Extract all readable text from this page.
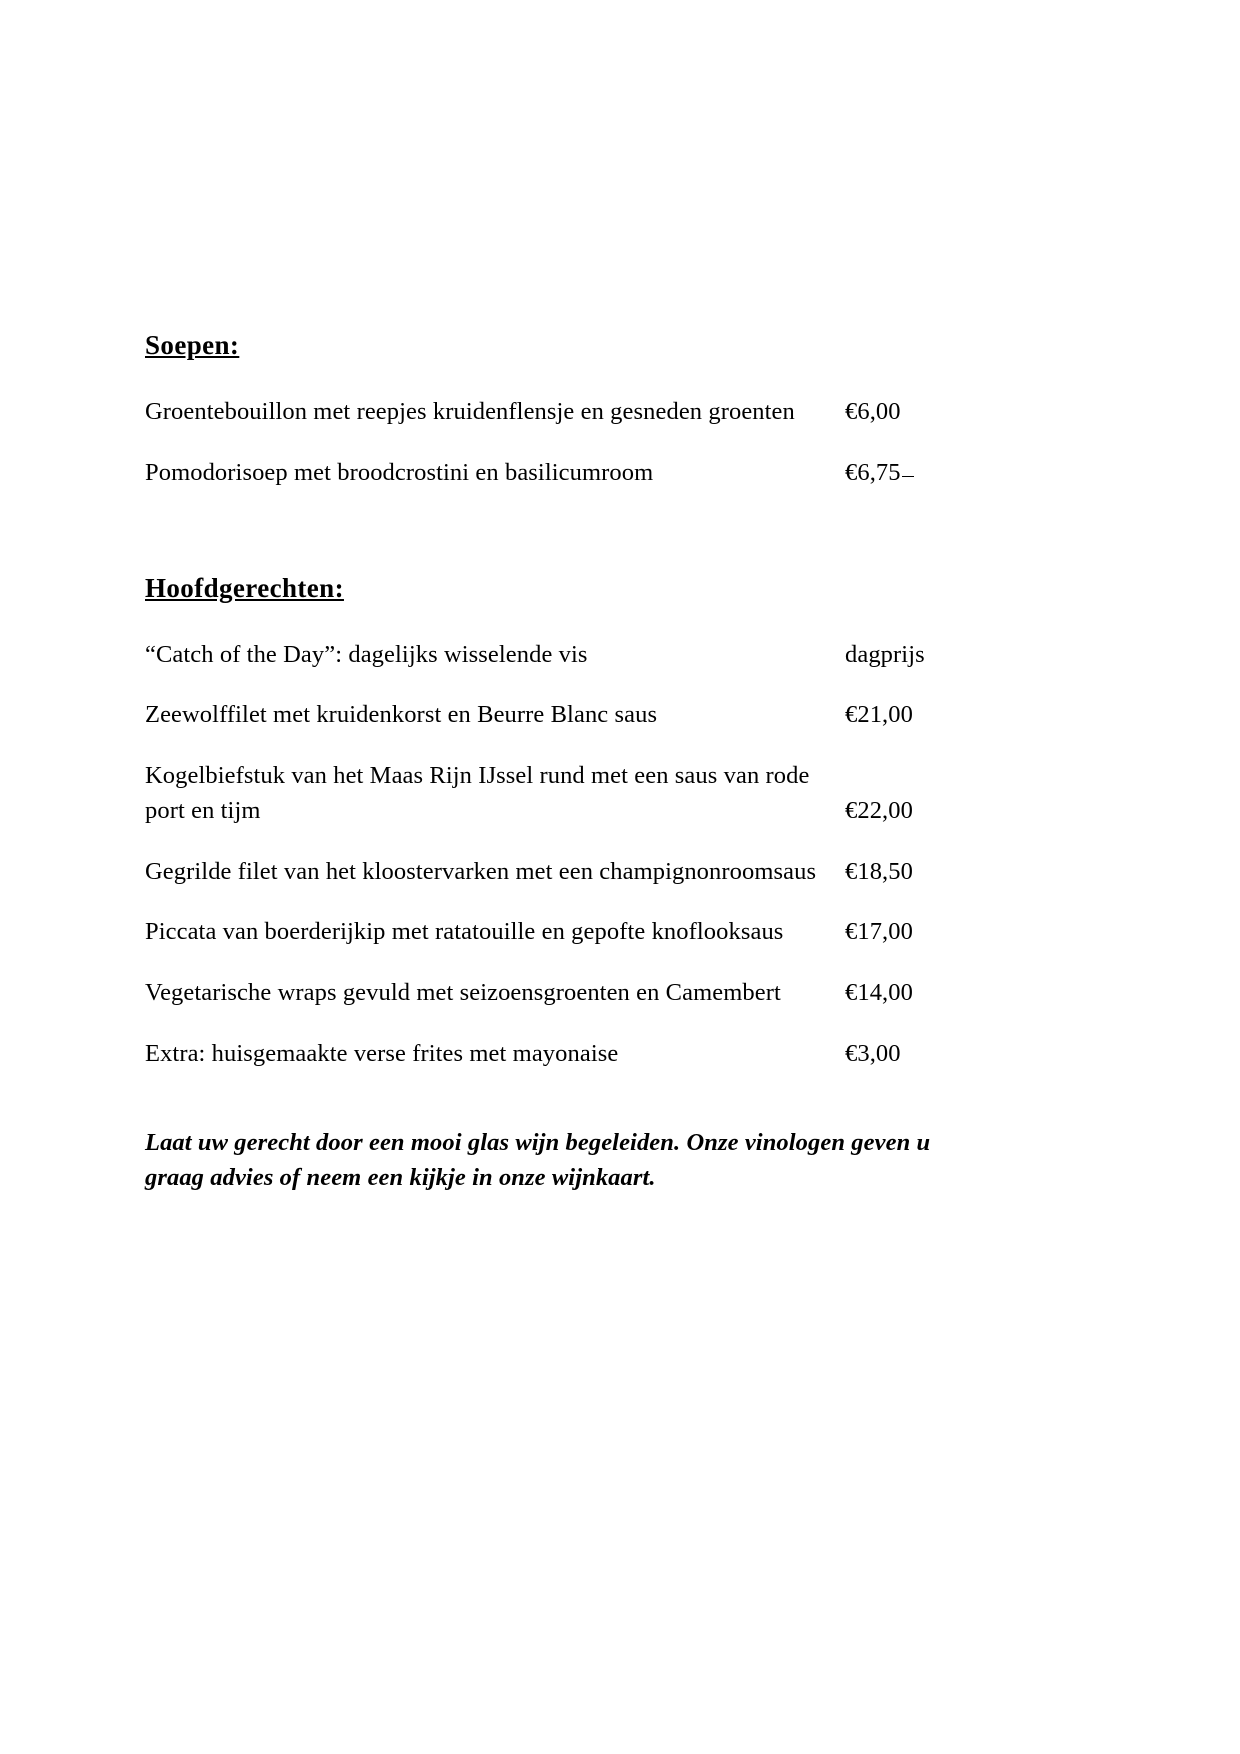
Soepen:
Groentebouillon met reepjes kruidenflensje en gesneden groenten	€6,00
Pomodorisoep met broodcrostini en basilicumroom	€6,75
Hoofdgerechten:
“Catch of the Day”: dagelijks wisselende vis	dagprijs
Zeewolffilet met kruidenkorst en Beurre Blanc saus	€21,00
Kogelbiefstuk van het Maas Rijn IJssel rund met een saus van rode port en tijm	€22,00
Gegrilde filet van het kloostervarken met een champignonroomsaus	€18,50
Piccata van boerderijkip met ratatouille en gepofte knoflooksaus	€17,00
Vegetarische wraps gevuld met seizoensgroenten en Camembert	€14,00
Extra: huisgemaakte verse frites met mayonaise	€3,00
Laat uw gerecht door een mooi glas wijn begeleiden. Onze vinologen geven u graag advies of neem een kijkje in onze wijnkaart.
